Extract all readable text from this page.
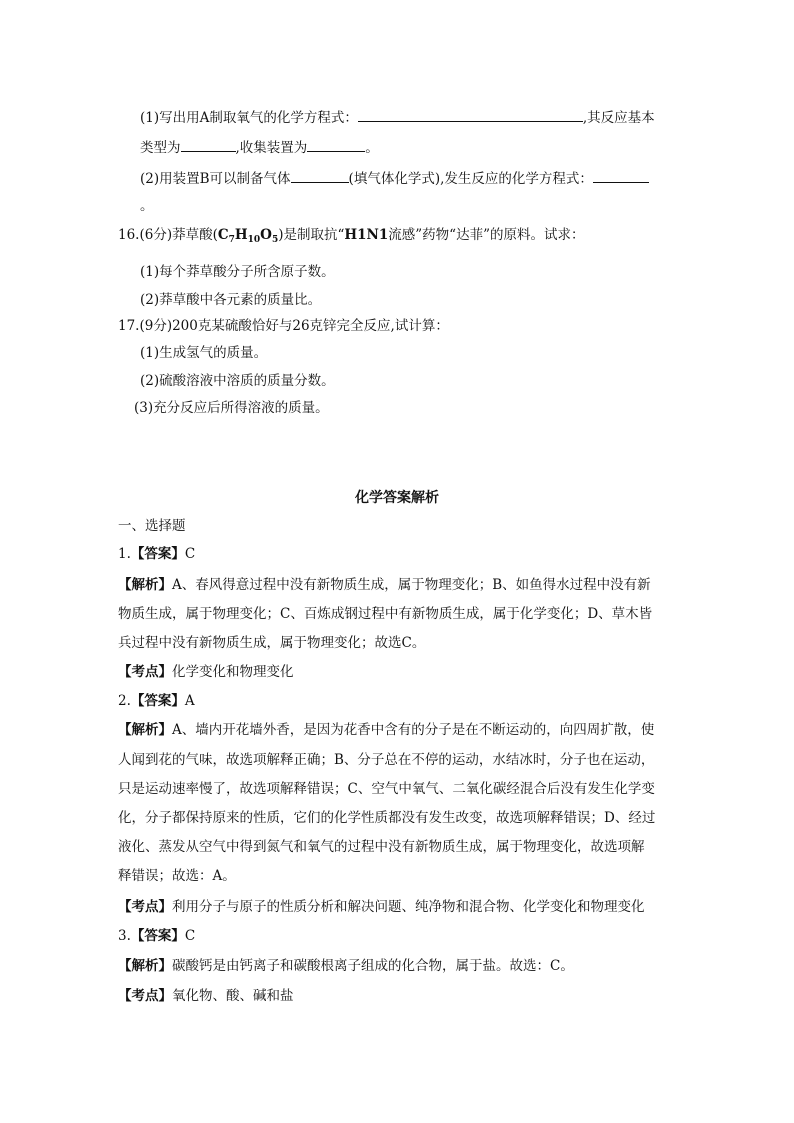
(1)写出用A制取氧气的化学方程式：	,其反应基本
类型为	,收集装置为	。
(2)用装置B可以制备气体	(填气体化学式),发生反应的化学方程式：
。
16.(6分)莽草酸$(C_7H_{10}O_5)$是制取抗“H1N1流感”药物“达菲”的原料。试求：
(1)每个莽草酸分子所含原子数。
(2)莽草酸中各元素的质量比。
17.(9分)200克某硫酸恰好与26克锌完全反应,试计算：
(1)生成氢气的质量。
(2)硫酸溶液中溶质的质量分数。
(3)充分反应后所得溶液的质量。
化学答案解析
一、选择题
1.【答案】C
【解析】A、春风得意过程中没有新物质生成，属于物理变化；B、如鱼得水过程中没有新
物质生成，属于物理变化；C、百炼成钢过程中有新物质生成，属于化学变化；D、草木皆
兵过程中没有新物质生成，属于物理变化；故选C。
【考点】化学变化和物理变化
2.【答案】A
【解析】A、墙内开花墙外香，是因为花香中含有的分子是在不断运动的，向四周扩散，使
人闻到花的气味，故选项解释正确；B、分子总在不停的运动，水结冰时，分子也在运动，
只是运动速率慢了，故选项解释错误；C、空气中氧气、二氧化碳经混合后没有发生化学变
化，分子都保持原来的性质，它们的化学性质都没有发生改变，故选项解释错误；D、经过
液化、蒸发从空气中得到氮气和氧气的过程中没有新物质生成，属于物理变化，故选项解
释错误；故选：A。
【考点】利用分子与原子的性质分析和解决问题、纯净物和混合物、化学变化和物理变化
3.【答案】C
【解析】碳酸钙是由钙离子和碳酸根离子组成的化合物，属于盐。故选：C。
【考点】氧化物、酸、碱和盐
